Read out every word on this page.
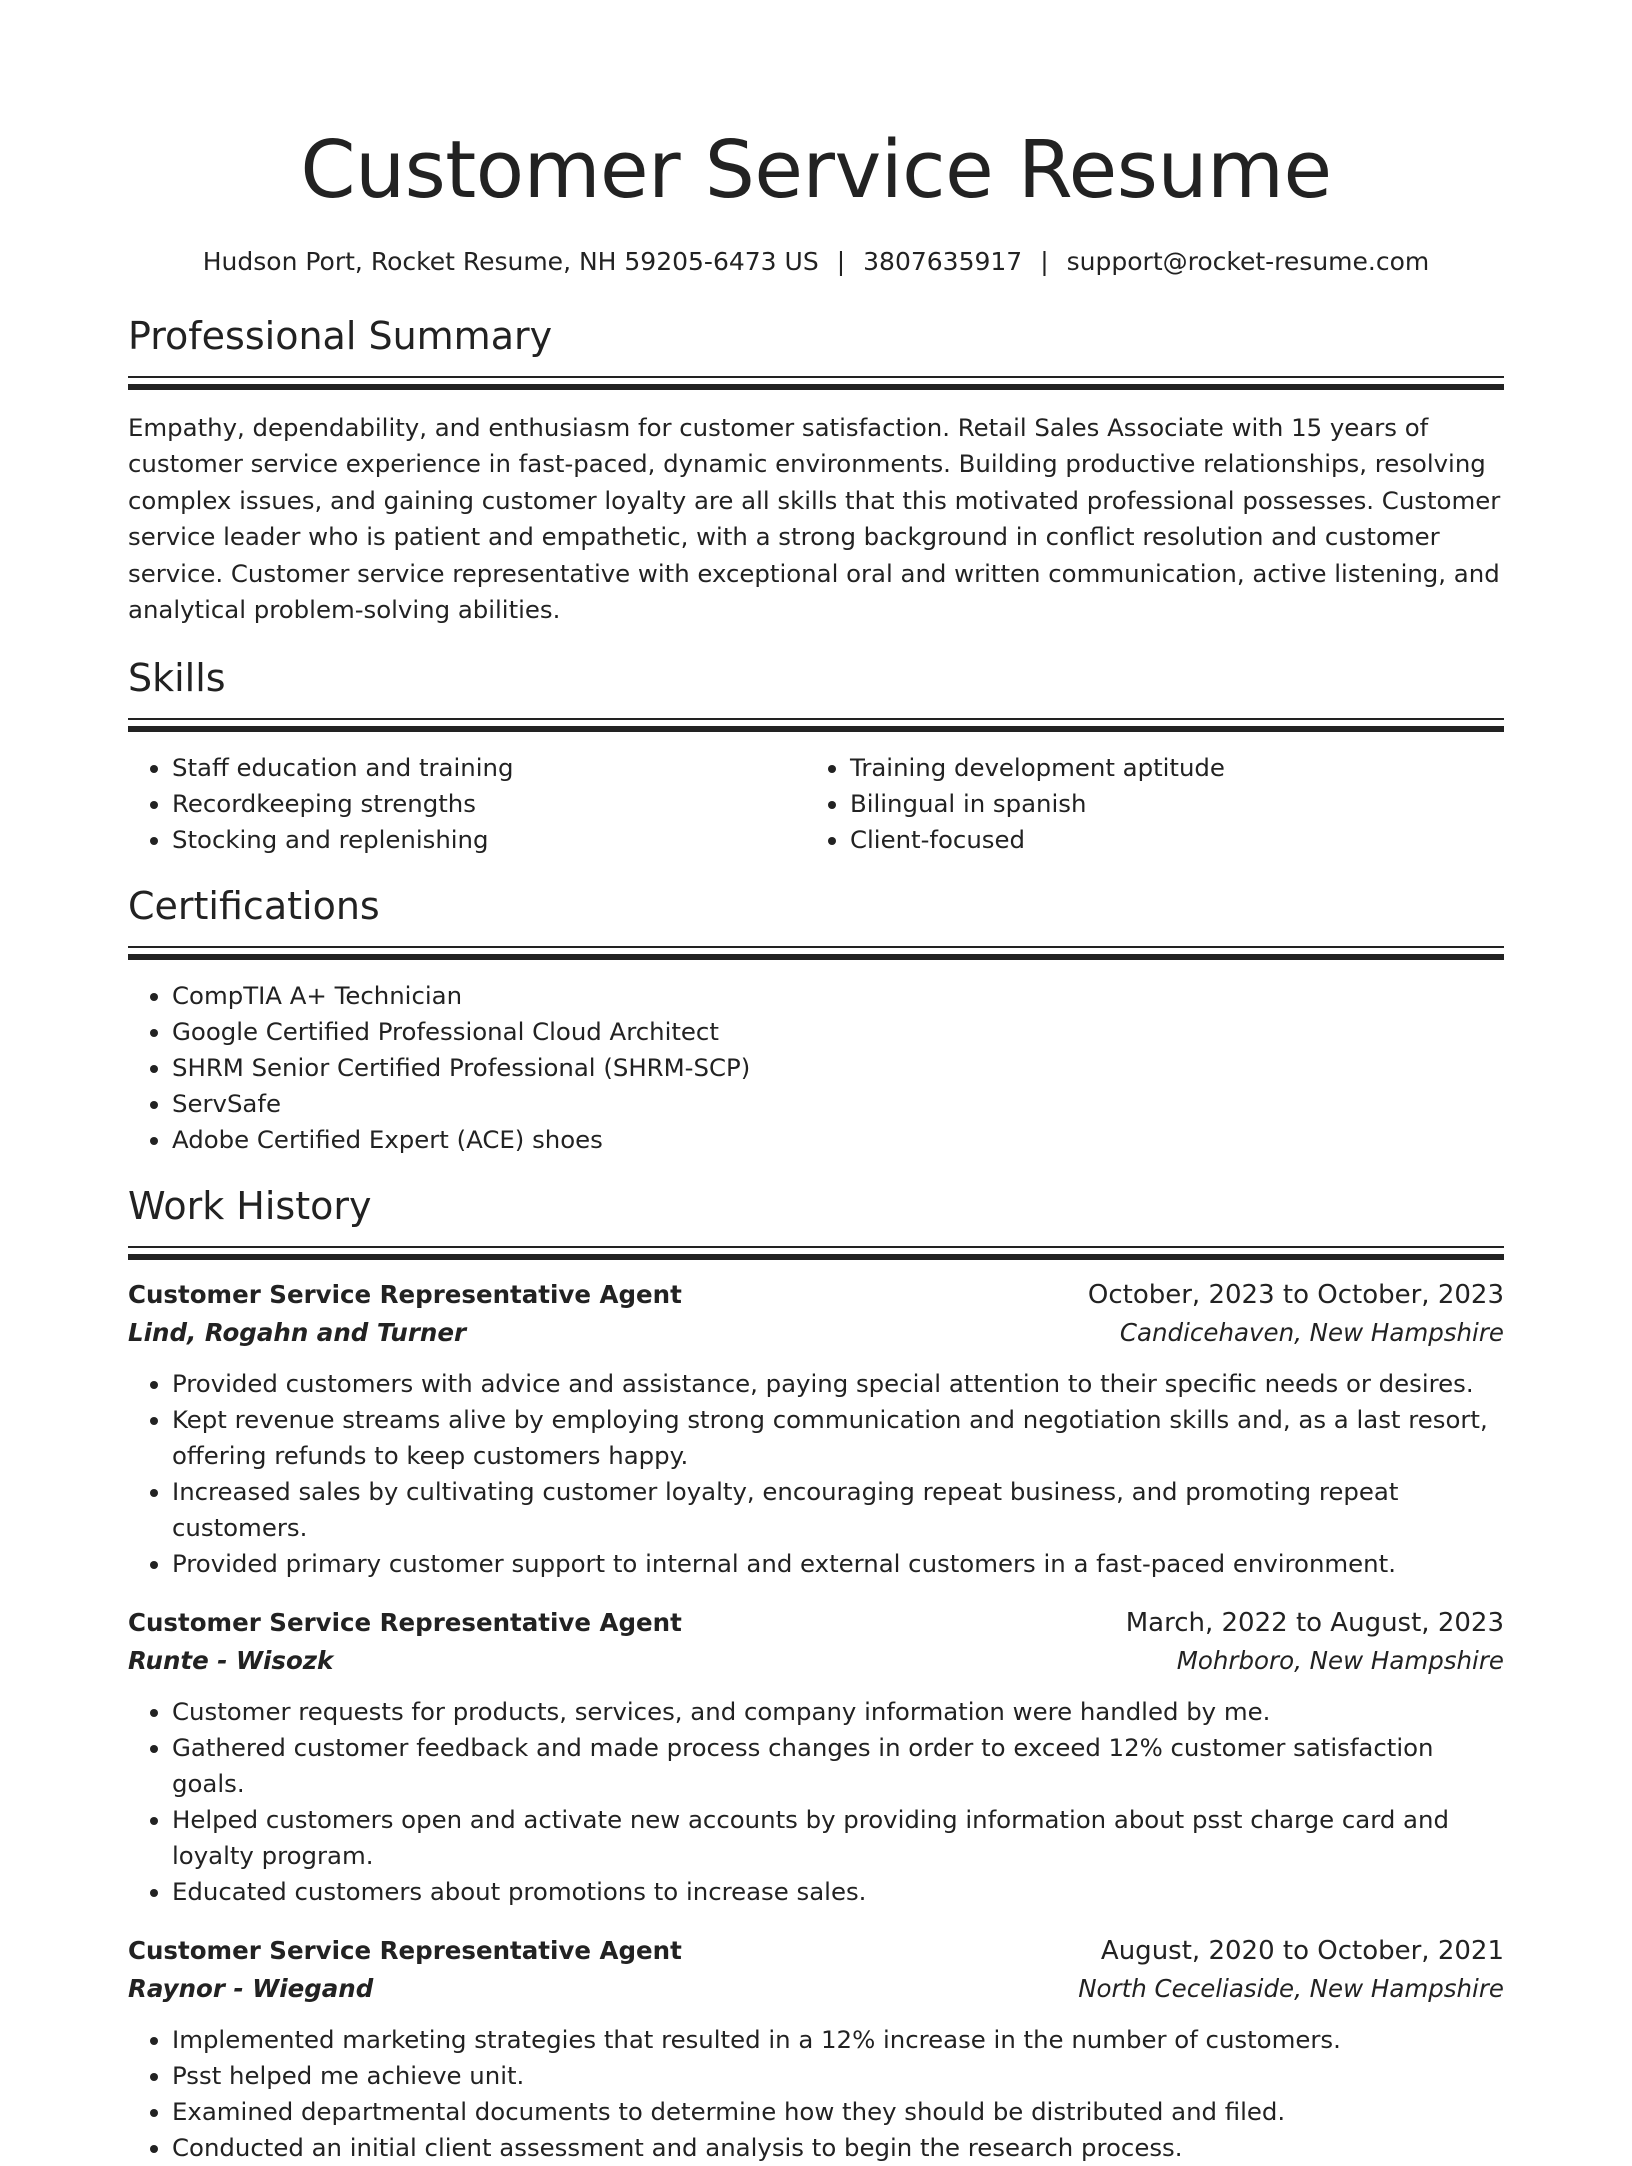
Customer Service Resume
Hudson Port, Rocket Resume, NH 59205-6473 US | 3807635917 | support@rocket-resume.com
Professional Summary
Empathy, dependability, and enthusiasm for customer satisfaction. Retail Sales Associate with 15 years of customer service experience in fast-paced, dynamic environments. Building productive relationships, resolving complex issues, and gaining customer loyalty are all skills that this motivated professional possesses. Customer service leader who is patient and empathetic, with a strong background in conflict resolution and customer service. Customer service representative with exceptional oral and written communication, active listening, and analytical problem-solving abilities.
Skills
• Staff education and training
• Recordkeeping strengths
• Stocking and replenishing
• Training development aptitude
• Bilingual in spanish
• Client-focused
Certifications
• CompTIA A+ Technician
• Google Certified Professional Cloud Architect
• SHRM Senior Certified Professional (SHRM-SCP)
• ServSafe
• Adobe Certified Expert (ACE) shoes
Work History
Customer Service Representative Agent	October, 2023 to October, 2023
Lind, Rogahn and Turner	Candicehaven, New Hampshire
• Provided customers with advice and assistance, paying special attention to their specific needs or desires.
• Kept revenue streams alive by employing strong communication and negotiation skills and, as a last resort, offering refunds to keep customers happy.
• Increased sales by cultivating customer loyalty, encouraging repeat business, and promoting repeat customers.
• Provided primary customer support to internal and external customers in a fast-paced environment.
Customer Service Representative Agent	March, 2022 to August, 2023
Runte - Wisozk	Mohrboro, New Hampshire
• Customer requests for products, services, and company information were handled by me.
• Gathered customer feedback and made process changes in order to exceed 12% customer satisfaction goals.
• Helped customers open and activate new accounts by providing information about psst charge card and loyalty program.
• Educated customers about promotions to increase sales.
Customer Service Representative Agent	August, 2020 to October, 2021
Raynor - Wiegand	North Ceceliaside, New Hampshire
• Implemented marketing strategies that resulted in a 12% increase in the number of customers.
• Psst helped me achieve unit.
• Examined departmental documents to determine how they should be distributed and filed.
• Conducted an initial client assessment and analysis to begin the research process.
